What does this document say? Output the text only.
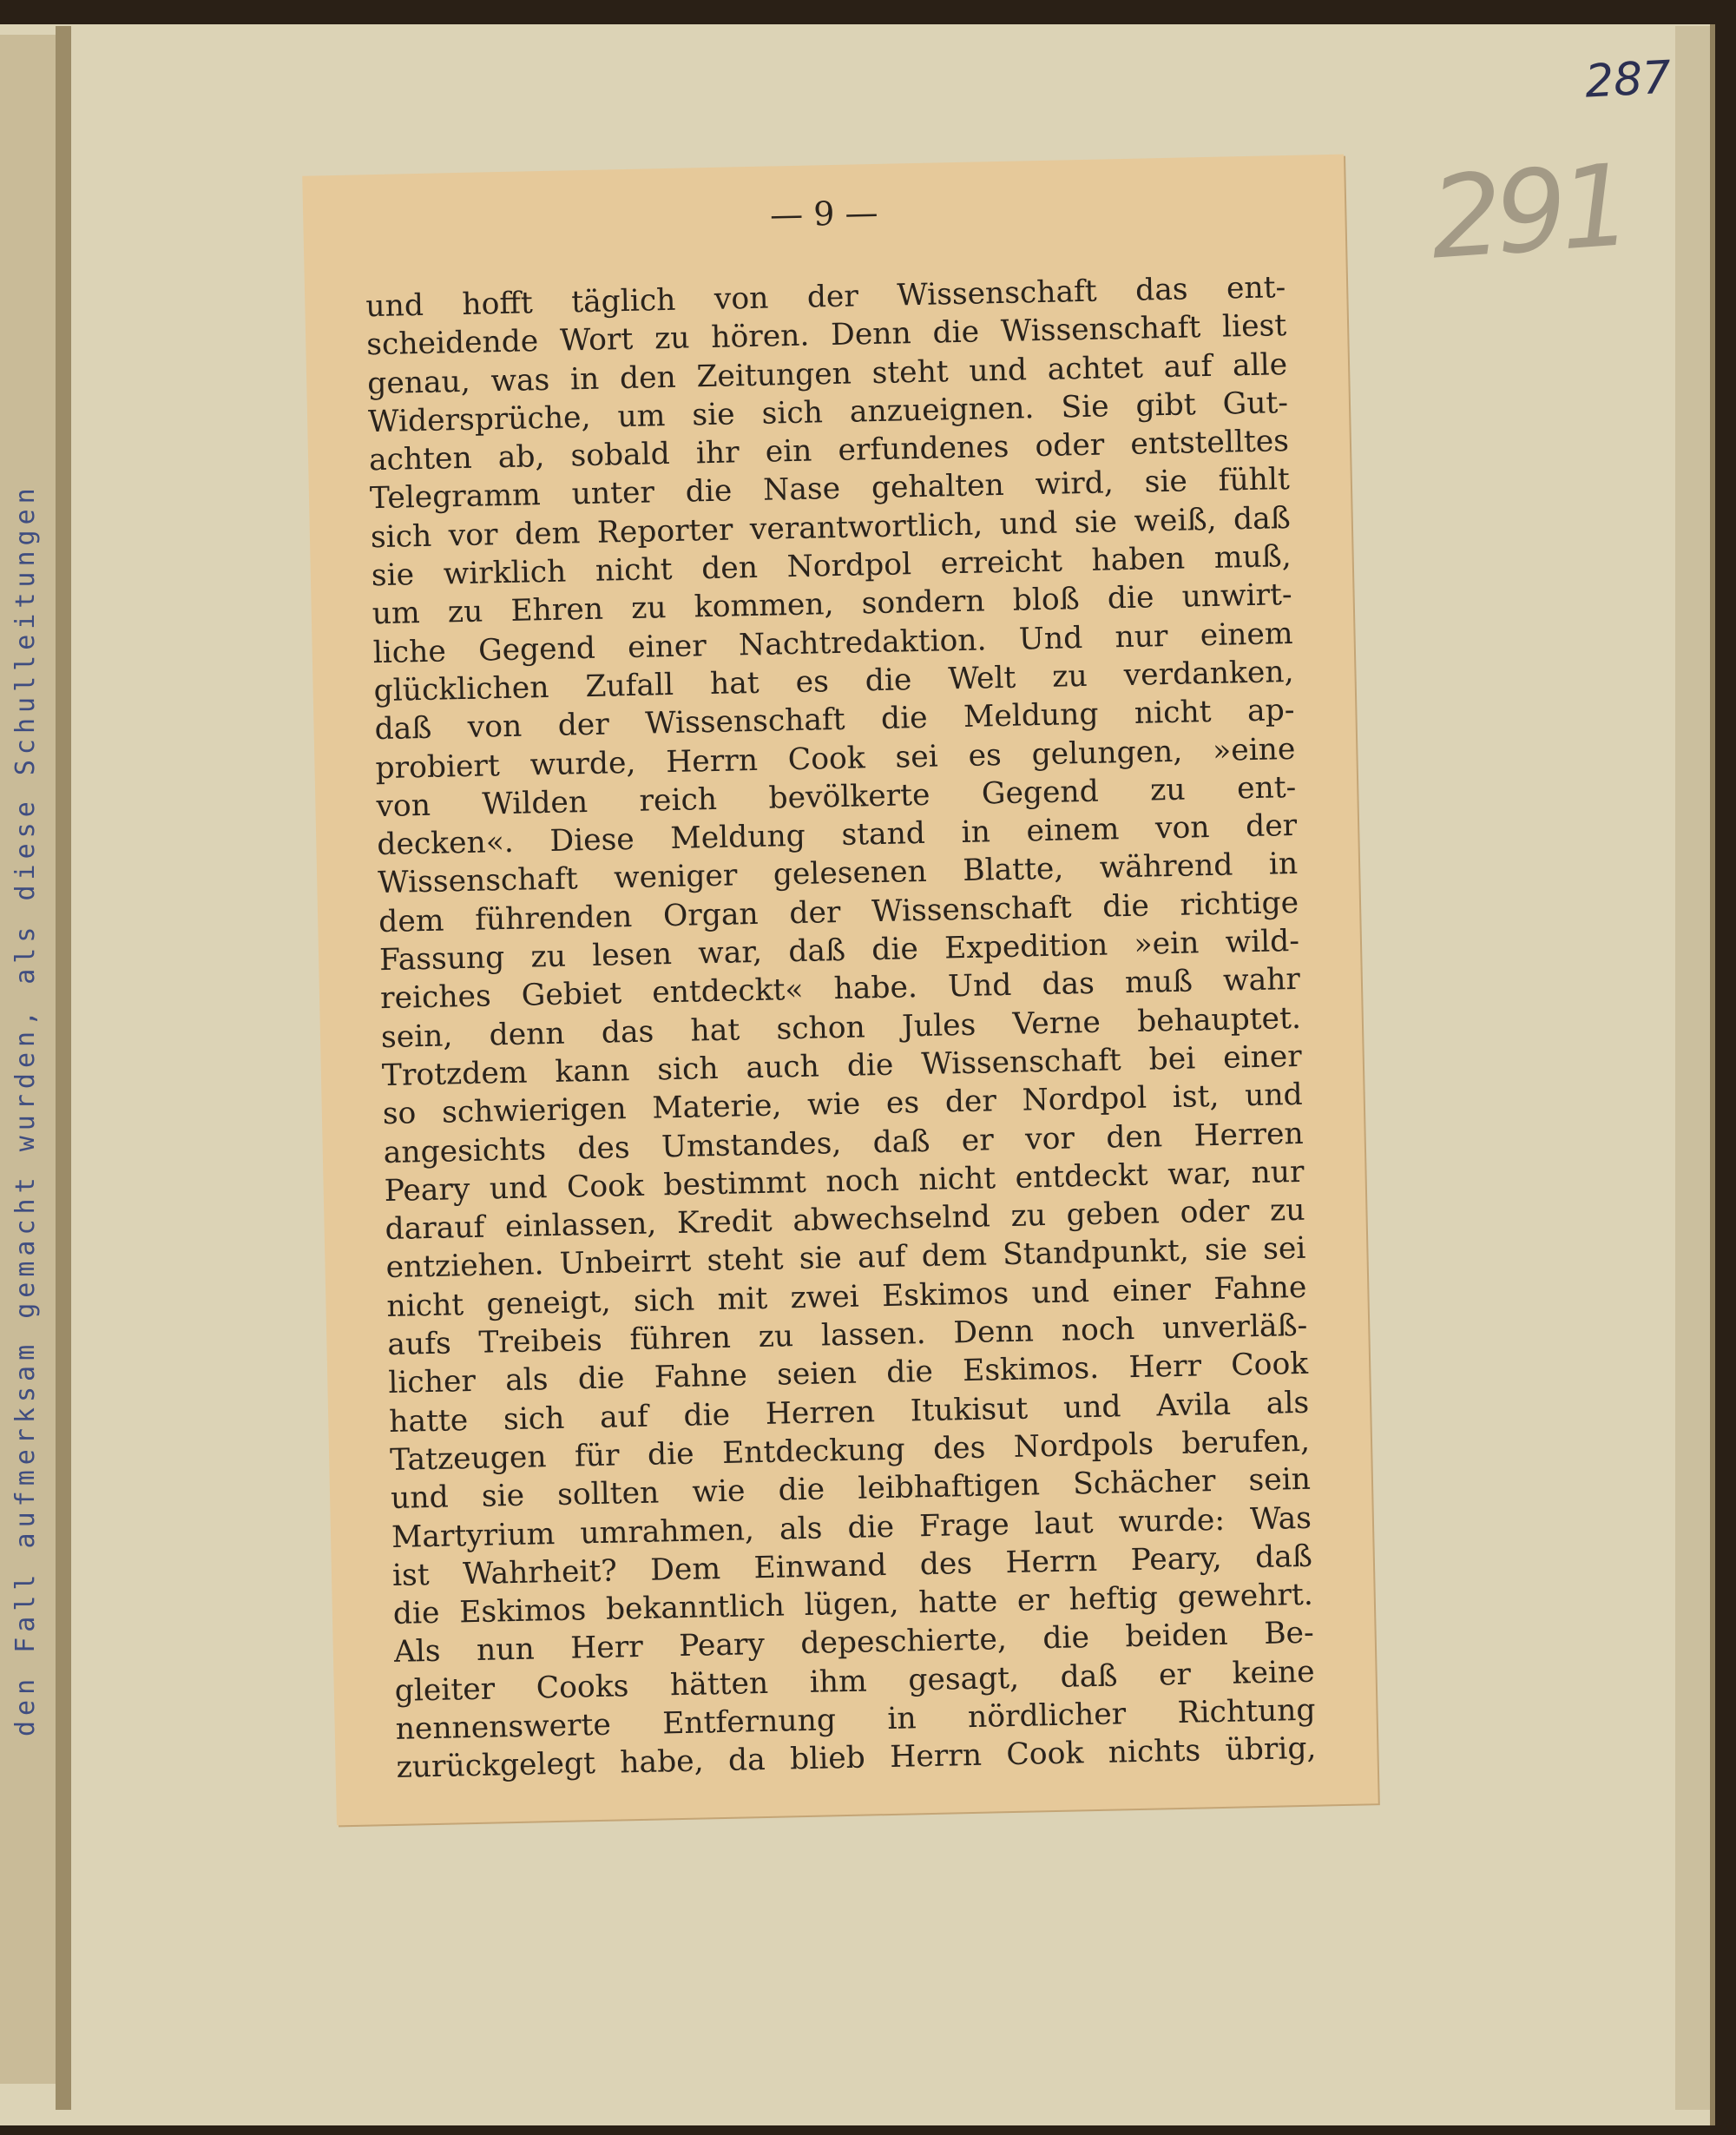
den Fall aufmerksam gemacht wurden, als diese Schulleitungen
287
291
— 9 —
und hofft täglich von der Wissenschaft das ent-
scheidende Wort zu hören. Denn die Wissenschaft liest
genau, was in den Zeitungen steht und achtet auf alle
Widersprüche, um sie sich anzueignen. Sie gibt Gut-
achten ab, sobald ihr ein erfundenes oder entstelltes
Telegramm unter die Nase gehalten wird, sie fühlt
sich vor dem Reporter verantwortlich, und sie weiß, daß
sie wirklich nicht den Nordpol erreicht haben muß,
um zu Ehren zu kommen, sondern bloß die unwirt-
liche Gegend einer Nachtredaktion. Und nur einem
glücklichen Zufall hat es die Welt zu verdanken,
daß von der Wissenschaft die Meldung nicht ap-
probiert wurde, Herrn Cook sei es gelungen, »eine
von Wilden reich bevölkerte Gegend zu ent-
decken«. Diese Meldung stand in einem von der
Wissenschaft weniger gelesenen Blatte, während in
dem führenden Organ der Wissenschaft die richtige
Fassung zu lesen war, daß die Expedition »ein wild-
reiches Gebiet entdeckt« habe. Und das muß wahr
sein, denn das hat schon Jules Verne behauptet.
Trotzdem kann sich auch die Wissenschaft bei einer
so schwierigen Materie, wie es der Nordpol ist, und
angesichts des Umstandes, daß er vor den Herren
Peary und Cook bestimmt noch nicht entdeckt war, nur
darauf einlassen, Kredit abwechselnd zu geben oder zu
entziehen. Unbeirrt steht sie auf dem Standpunkt, sie sei
nicht geneigt, sich mit zwei Eskimos und einer Fahne
aufs Treibeis führen zu lassen. Denn noch unverläß-
licher als die Fahne seien die Eskimos. Herr Cook
hatte sich auf die Herren Itukisut und Avila als
Tatzeugen für die Entdeckung des Nordpols berufen,
und sie sollten wie die leibhaftigen Schächer sein
Martyrium umrahmen, als die Frage laut wurde: Was
ist Wahrheit? Dem Einwand des Herrn Peary, daß
die Eskimos bekanntlich lügen, hatte er heftig gewehrt.
Als nun Herr Peary depeschierte, die beiden Be-
gleiter Cooks hätten ihm gesagt, daß er keine
nennenswerte Entfernung in nördlicher Richtung
zurückgelegt habe, da blieb Herrn Cook nichts übrig,
